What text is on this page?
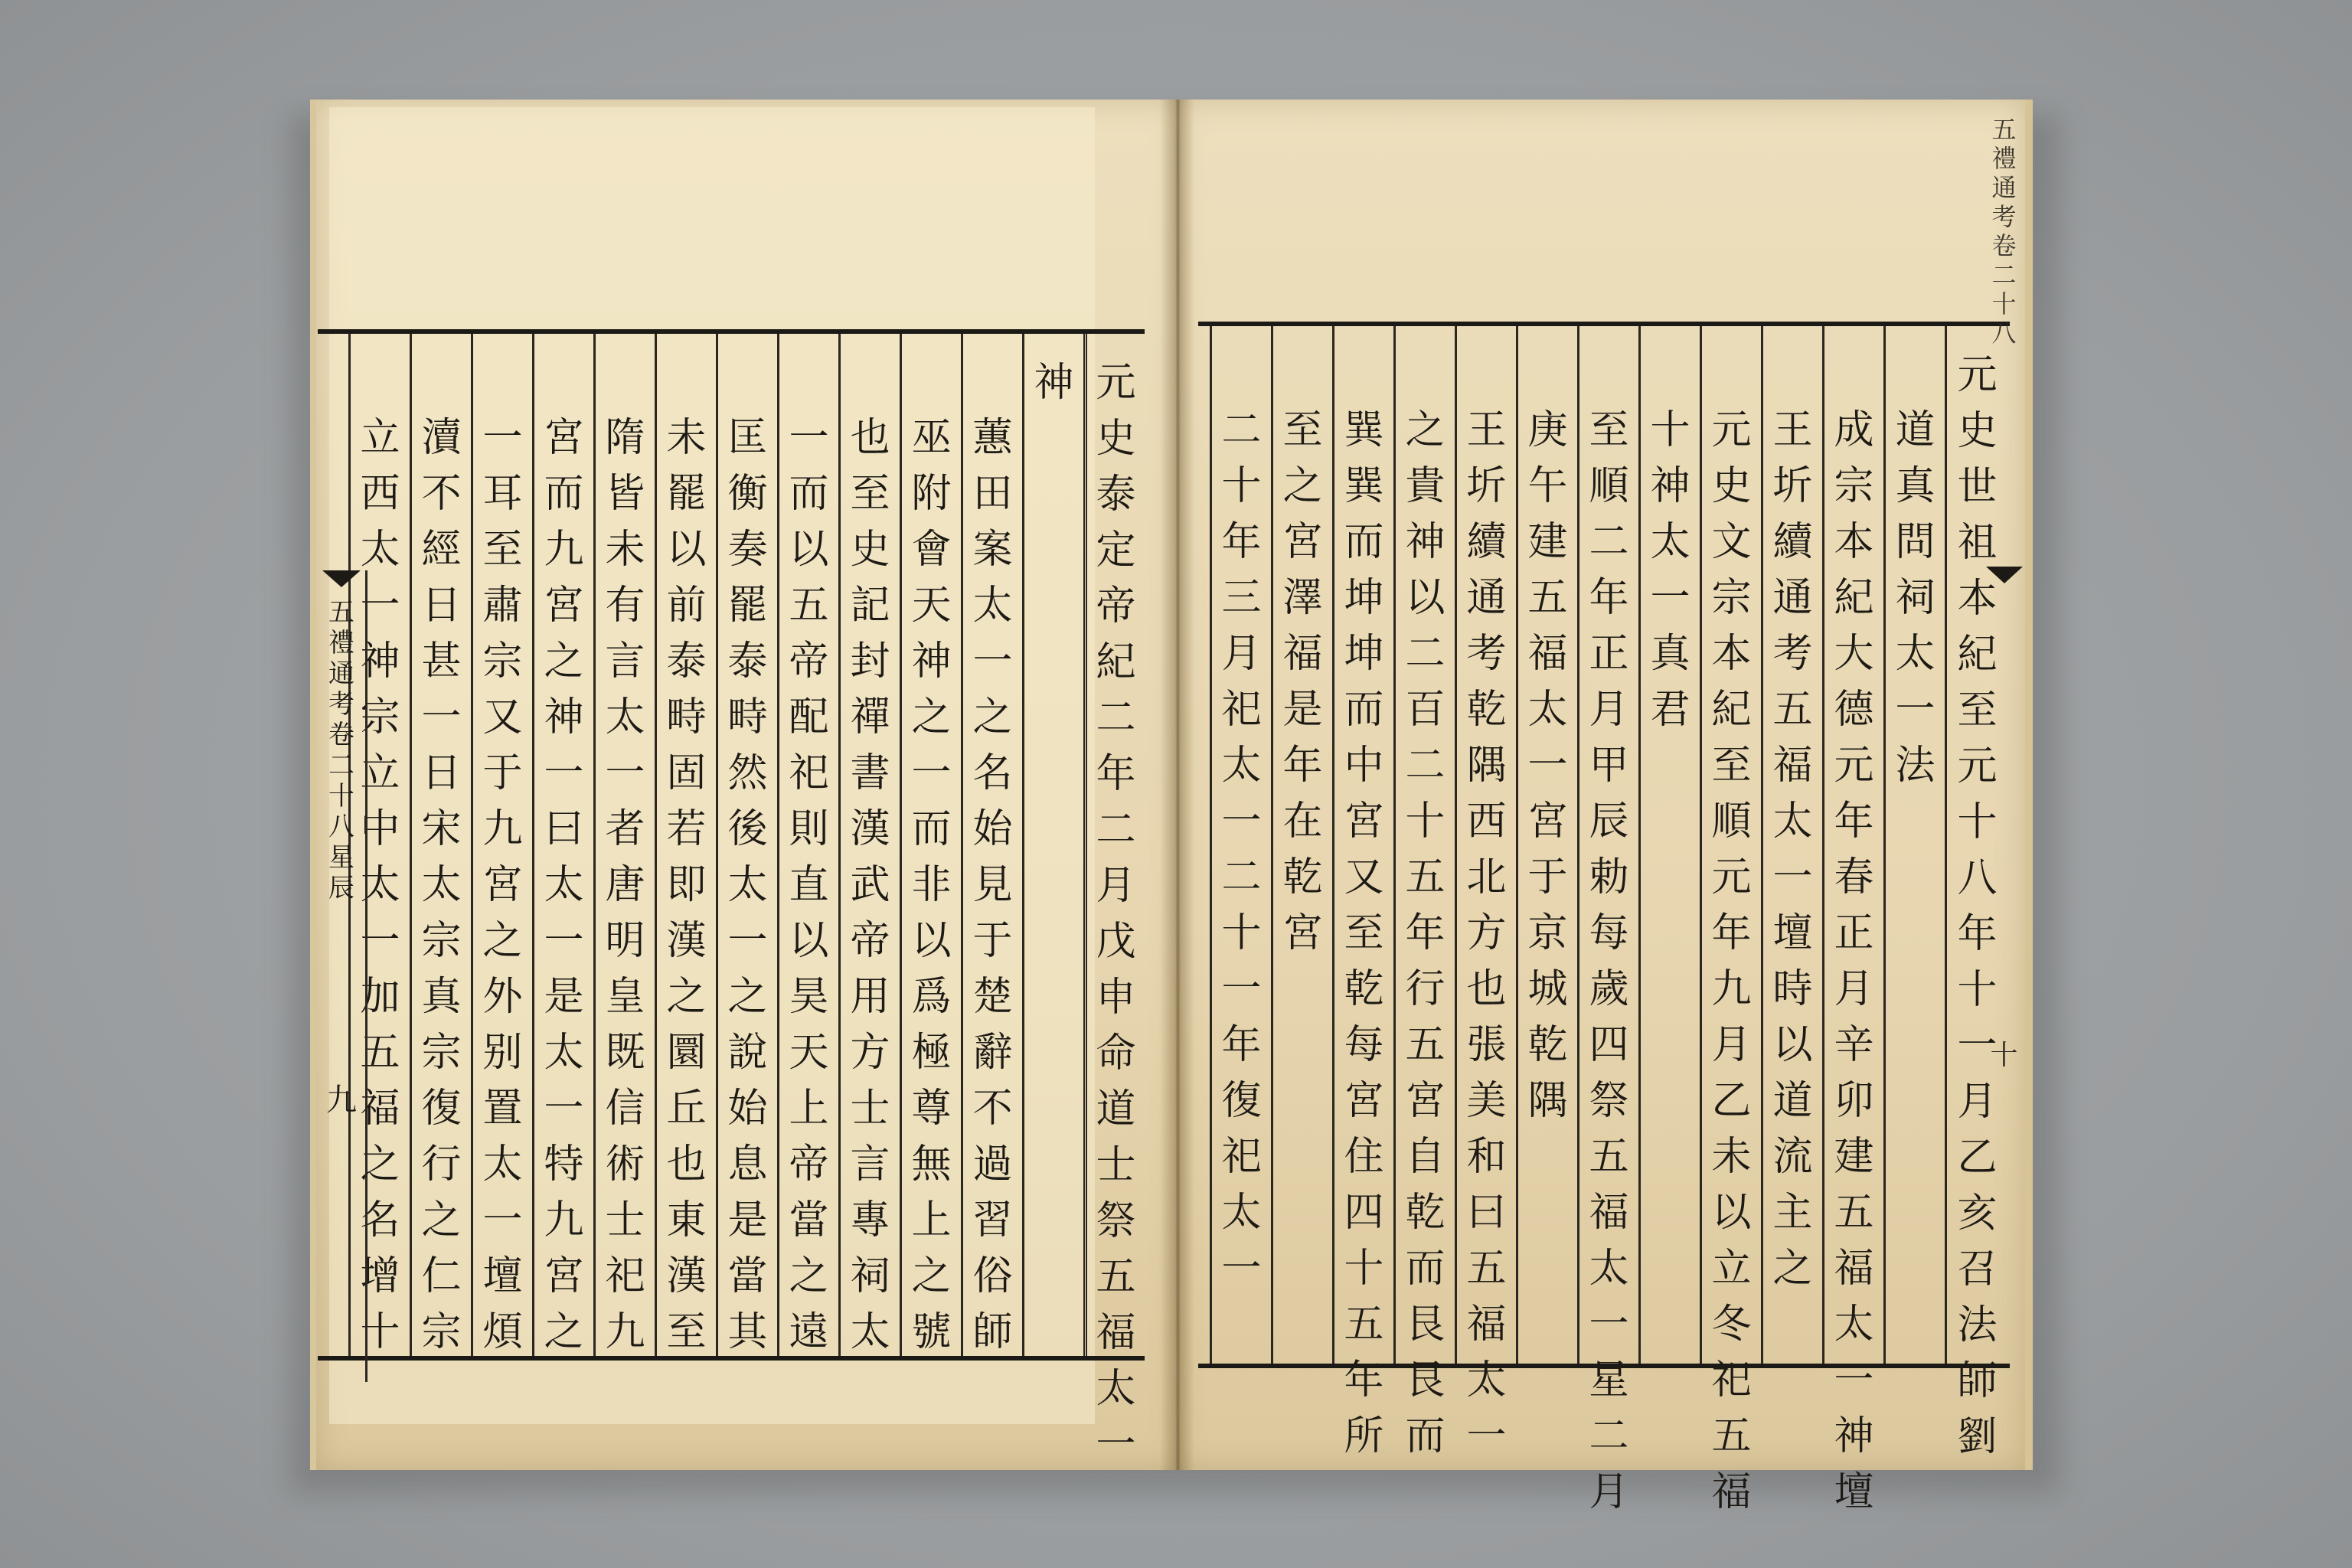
元史泰定帝紀二年二月戊申命道士祭五福太一
神
蕙田案太一之名始見于楚辭不過習俗師
巫附會天神之一而非以爲極尊無上之號
也至史記封禪書漢武帝用方士言專祠太
一而以五帝配祀則直以昊天上帝當之遠
匡衡奏罷泰畤然後太一之說始息是當其
未罷以前泰畤固若即漢之圜丘也東漢至
隋皆未有言太一者唐明皇既信術士祀九
宮而九宮之神一曰太一是太一特九宮之
一耳至肅宗又于九宮之外别置太一壇煩
瀆不經日甚一日宋太宗真宗復行之仁宗
立西太一神宗立中太一加五福之名增十
五禮通考卷二十八星辰
九
元史世祖本紀至元十八年十一月乙亥召法師劉
道真問祠太一法
成宗本紀大德元年春正月辛卯建五福太一神壇
王圻續通考五福太一壇時以道流主之
元史文宗本紀至順元年九月乙未以立冬祀五福
十神太一真君
至順二年正月甲辰勅每歲四祭五福太一星二月
庚午建五福太一宮于京城乾隅
王圻續通考乾隅西北方也張美和曰五福太一
之貴神以二百二十五年行五宮自乾而艮艮而
巽巽而坤坤而中宮又至乾每宮住四十五年所
至之宮澤福是年在乾宮
二十年三月祀太一二十一年復祀太一
五禮通考卷二十八
十
